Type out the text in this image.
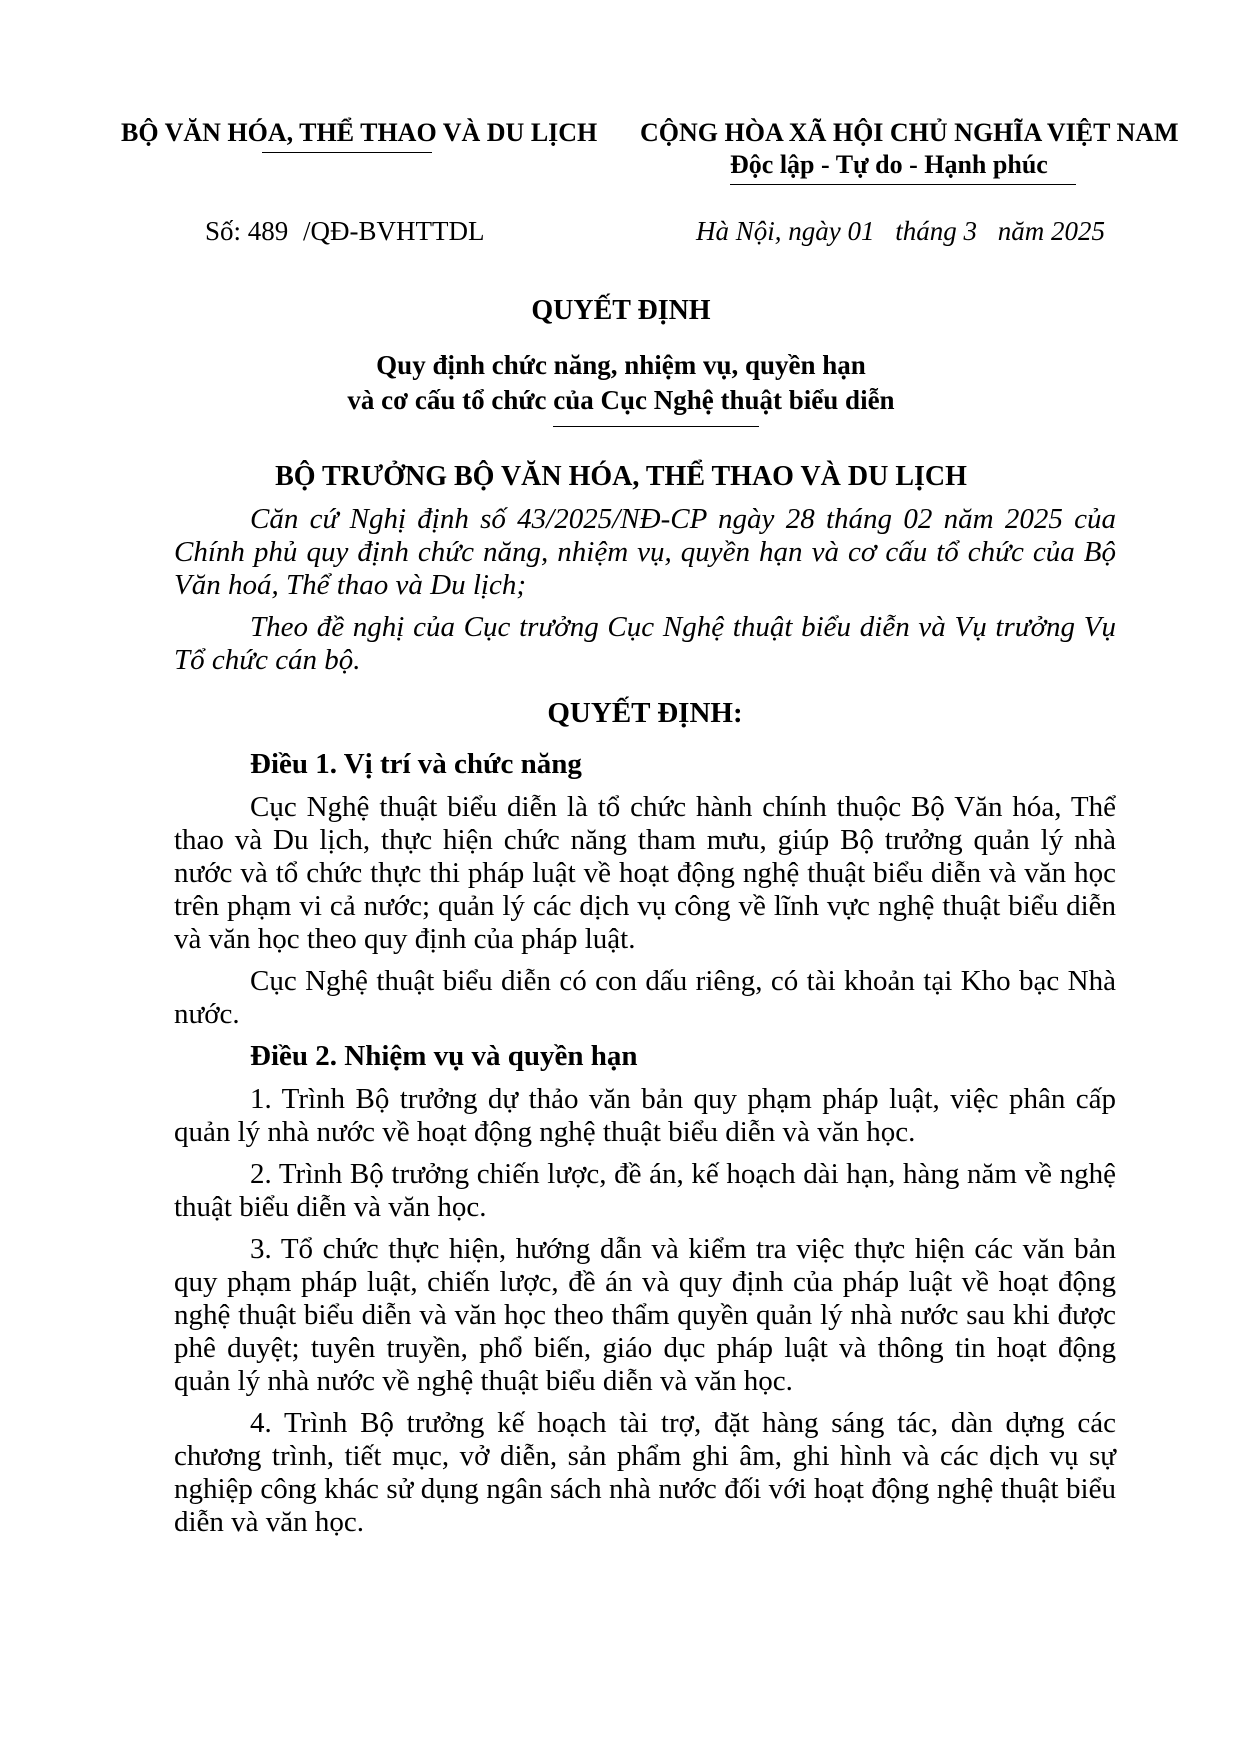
BỘ VĂN HÓA, THỂ THAO VÀ DU LỊCH CỘNG HÒA XÃ HỘI CHỦ NGHĨA VIỆT NAM
Độc lập - Tự do - Hạnh phúc
Số: 489 /QĐ-BVHTTDL	Hà Nội, ngày 01 tháng 3 năm 2025
QUYẾT ĐỊNH
Quy định chức năng, nhiệm vụ, quyền hạn
và cơ cấu tổ chức của Cục Nghệ thuật biểu diễn
BỘ TRƯỞNG BỘ VĂN HÓA, THỂ THAO VÀ DU LỊCH

Căn cứ Nghị định số 43/2025/NĐ-CP ngày 28 tháng 02 năm 2025 của Chính phủ quy định chức năng, nhiệm vụ, quyền hạn và cơ cấu tổ chức của Bộ Văn hoá, Thể thao và Du lịch;

Theo đề nghị của Cục trưởng Cục Nghệ thuật biểu diễn và Vụ trưởng Vụ Tổ chức cán bộ.

QUYẾT ĐỊNH:

Điều 1. Vị trí và chức năng

Cục Nghệ thuật biểu diễn là tổ chức hành chính thuộc Bộ Văn hóa, Thể thao và Du lịch, thực hiện chức năng tham mưu, giúp Bộ trưởng quản lý nhà nước và tổ chức thực thi pháp luật về hoạt động nghệ thuật biểu diễn và văn học trên phạm vi cả nước; quản lý các dịch vụ công về lĩnh vực nghệ thuật biểu diễn và văn học theo quy định của pháp luật.

Cục Nghệ thuật biểu diễn có con dấu riêng, có tài khoản tại Kho bạc Nhà nước.

Điều 2. Nhiệm vụ và quyền hạn

1. Trình Bộ trưởng dự thảo văn bản quy phạm pháp luật, việc phân cấp quản lý nhà nước về hoạt động nghệ thuật biểu diễn và văn học.

2. Trình Bộ trưởng chiến lược, đề án, kế hoạch dài hạn, hàng năm về nghệ thuật biểu diễn và văn học.

3. Tổ chức thực hiện, hướng dẫn và kiểm tra việc thực hiện các văn bản quy phạm pháp luật, chiến lược, đề án và quy định của pháp luật về hoạt động nghệ thuật biểu diễn và văn học theo thẩm quyền quản lý nhà nước sau khi được phê duyệt; tuyên truyền, phổ biến, giáo dục pháp luật và thông tin hoạt động quản lý nhà nước về nghệ thuật biểu diễn và văn học.

4. Trình Bộ trưởng kế hoạch tài trợ, đặt hàng sáng tác, dàn dựng các chương trình, tiết mục, vở diễn, sản phẩm ghi âm, ghi hình và các dịch vụ sự nghiệp công khác sử dụng ngân sách nhà nước đối với hoạt động nghệ thuật biểu diễn và văn học.
